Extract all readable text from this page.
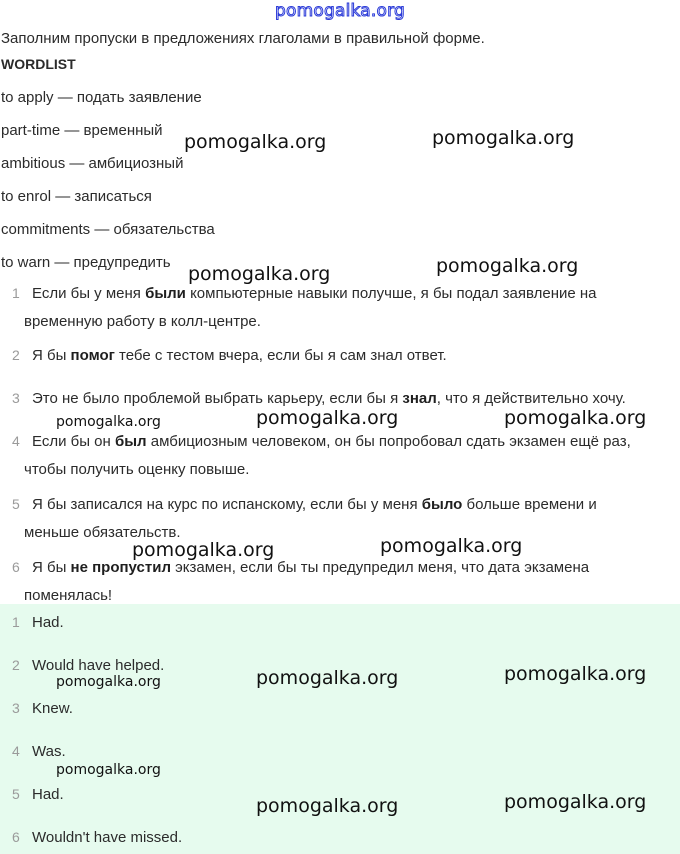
pomogalka.org
Заполним пропуски в предложениях глаголами в правильной форме.
WORDLIST
to apply — подать заявление
part-time — временный
ambitious — амбициозный
to enrol — записаться
commitments — обязательства
to warn — предупредить
1 Если бы у меня были компьютерные навыки получше, я бы подал заявление на
временную работу в колл-центре.
2 Я бы помог тебе с тестом вчера, если бы я сам знал ответ.
3 Это не было проблемой выбрать карьеру, если бы я знал, что я действительно хочу.
4 Если бы он был амбициозным человеком, он бы попробовал сдать экзамен ещё раз,
чтобы получить оценку повыше.
5 Я бы записался на курс по испанскому, если бы у меня было больше времени и
меньше обязательств.
6 Я бы не пропустил экзамен, если бы ты предупредил меня, что дата экзамена
поменялась!
1 Had.
2 Would have helped.
3 Knew.
4 Was.
5 Had.
6 Wouldn't have missed.
pomogalka.org	pomogalka.org
pomogalka.org	pomogalka.org
pomogalka.org	pomogalka.org	pomogalka.org
pomogalka.org	pomogalka.org
pomogalka.org	pomogalka.org	pomogalka.org
pomogalka.org
pomogalka.org	pomogalka.org
